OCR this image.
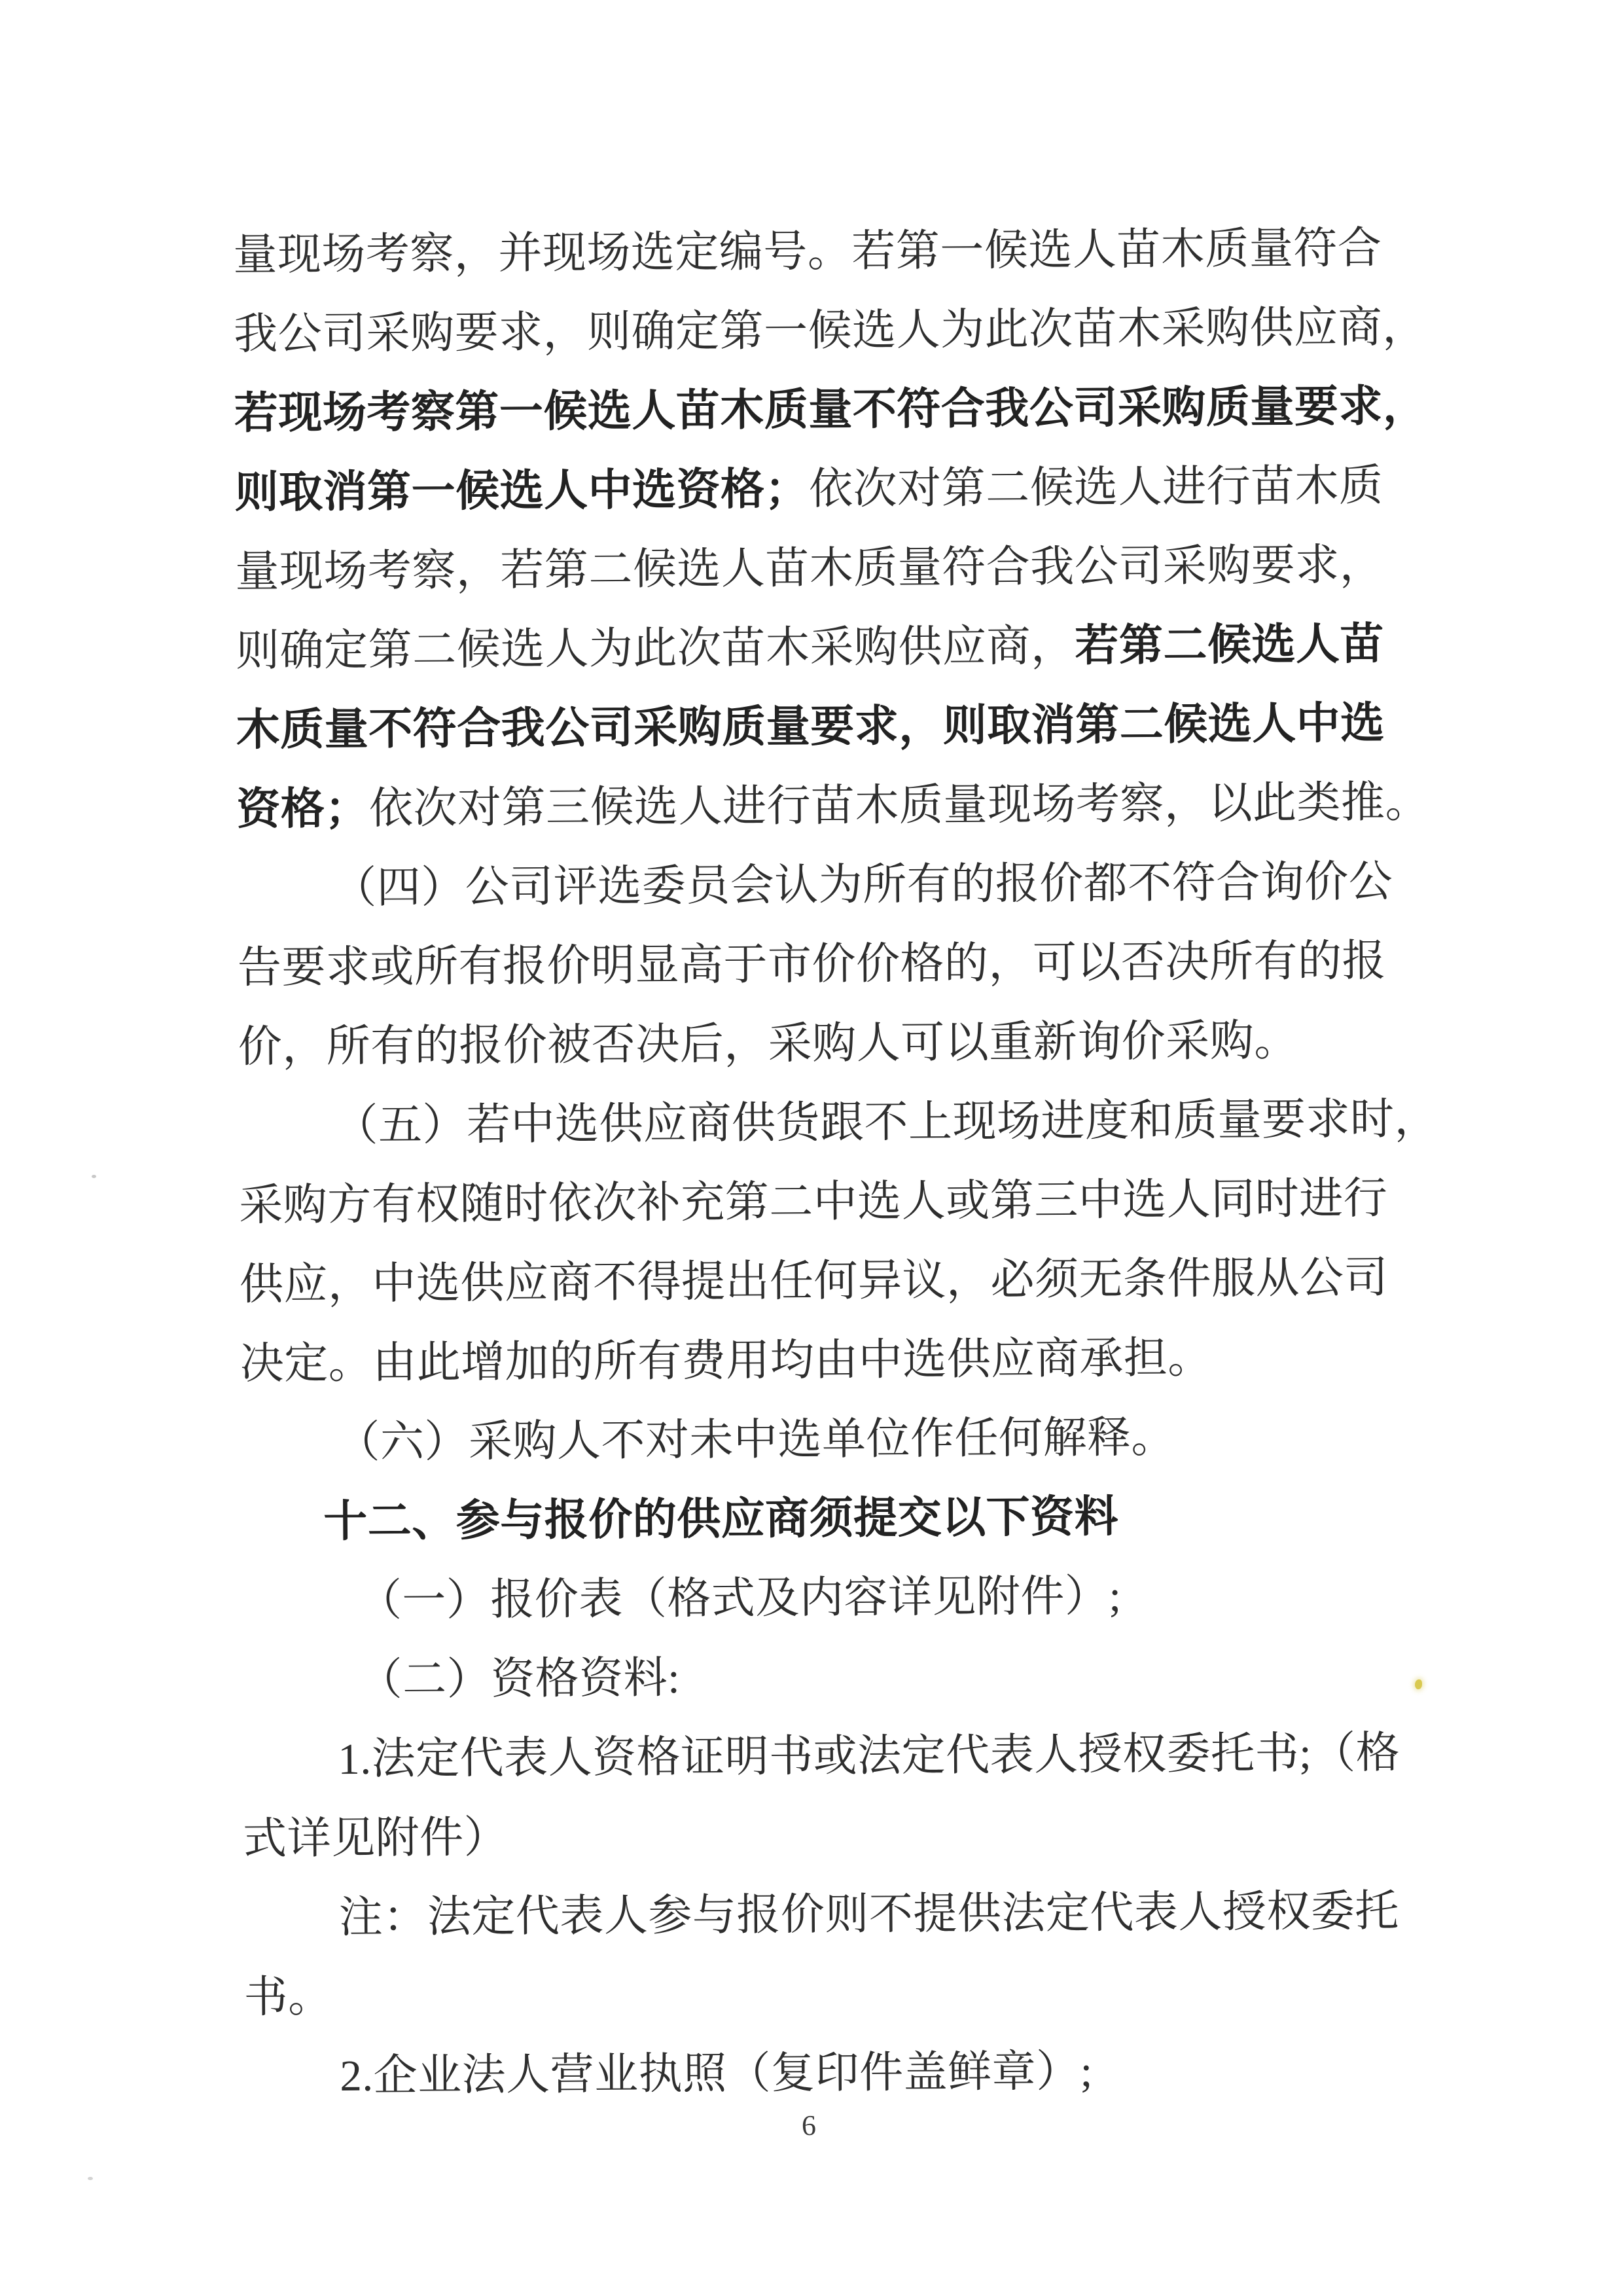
量现场考察，并现场选定编号。若第一候选人苗木质量符合
我公司采购要求，则确定第一候选人为此次苗木采购供应商，
若现场考察第一候选人苗木质量不符合我公司采购质量要求，
则取消第一候选人中选资格；依次对第二候选人进行苗木质
量现场考察，若第二候选人苗木质量符合我公司采购要求，
则确定第二候选人为此次苗木采购供应商，若第二候选人苗
木质量不符合我公司采购质量要求，则取消第二候选人中选
资格；依次对第三候选人进行苗木质量现场考察，以此类推。
（四）公司评选委员会认为所有的报价都不符合询价公
告要求或所有报价明显高于市价价格的，可以否决所有的报
价，所有的报价被否决后，采购人可以重新询价采购。
（五）若中选供应商供货跟不上现场进度和质量要求时，
采购方有权随时依次补充第二中选人或第三中选人同时进行
供应，中选供应商不得提出任何异议，必须无条件服从公司
决定。由此增加的所有费用均由中选供应商承担。
（六）采购人不对未中选单位作任何解释。
十二、参与报价的供应商须提交以下资料
（一）报价表（格式及内容详见附件）;
（二）资格资料:
1.法定代表人资格证明书或法定代表人授权委托书;（格
式详见附件）
注：法定代表人参与报价则不提供法定代表人授权委托
书。
2.企业法人营业执照（复印件盖鲜章）;
6
